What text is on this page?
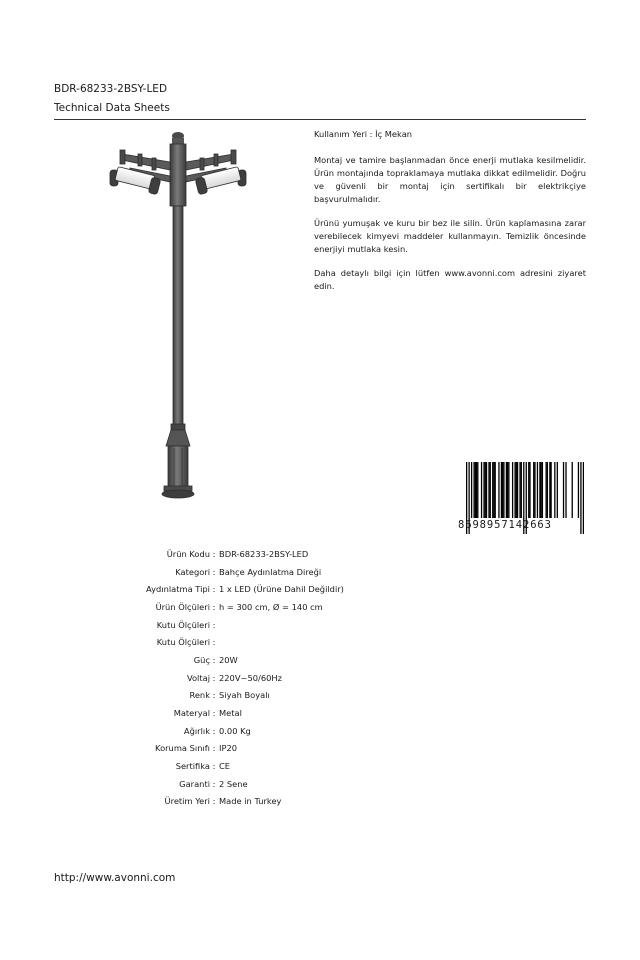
BDR-68233-2BSY-LED
Technical Data Sheets

Kullanım Yeri : İç Mekan

Montaj ve tamire başlanmadan önce enerji mutlaka kesilmelidir. Ürün montajında topraklamaya mutlaka dikkat edilmelidir. Doğru ve güvenli bir montaj için sertifikalı bir elektrikçiye başvurulmalıdır.

Ürünü yumuşak ve kuru bir bez ile silin. Ürün kaplamasına zarar verebilecek kimyevi maddeler kullanmayın. Temizlik öncesinde enerjiyi mutlaka kesin.

Daha detaylı bilgi için lütfen www.avonni.com adresini ziyaret edin.

8698957142663
Ürün Kodu : BDR-68233-2BSY-LED
Kategori : Bahçe Aydınlatma Direği
Aydınlatma Tipi : 1 x LED (Ürüne Dahil Değildir)
Ürün Ölçüleri : h = 300 cm, Ø = 140 cm
Kutu Ölçüleri :
Kutu Ölçüleri :
Güç : 20W
Voltaj : 220V~50/60Hz
Renk : Siyah Boyalı
Materyal : Metal
Ağırlık : 0.00 Kg
Koruma Sınıfı : IP20
Sertifika : CE
Garanti : 2 Sene
Üretim Yeri : Made in Turkey
http://www.avonni.com
